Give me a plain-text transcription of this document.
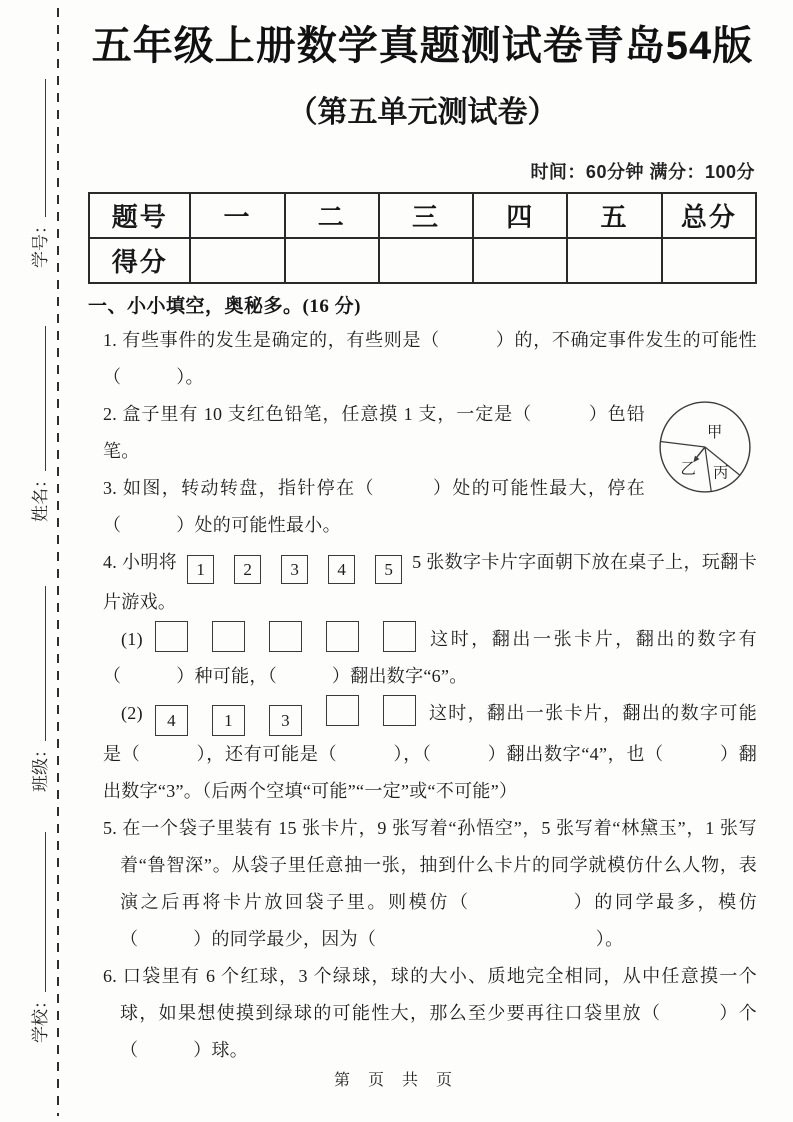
学号：
姓名：
班级：
学校：
五年级上册数学真题测试卷青岛54版
（第五单元测试卷）
时间：60分钟 满分：100分
题号	一	二	三	四	五	总分
得分						
一、小小填空，奥秘多。(16 分)

1. 有些事件的发生是确定的，有些则是（　　　）的，不确定事件发生的可能性（　　　）。

甲
乙 丙

2. 盒子里有 10 支红色铅笔，任意摸 1 支，一定是（　　　）色铅笔。

3. 如图，转动转盘，指针停在（　　　）处的可能性最大，停在（　　　）处的可能性最小。

4. 小明将 1 2 3 4 5 5 张数字卡片字面朝下放在桌子上，玩翻卡片游戏。

(1)	这时，翻出一张卡片，翻出的数字有（　　　）种可能，（　　　）翻出数字“6”。

(2) 4	1	3	这时，翻出一张卡片，翻出的数字可能是（　　　），还有可能是（　　　），（　　　）翻出数字“4”，也（　　　）翻出数字“3”。（后两个空填“可能”“一定”或“不可能”）

5. 在一个袋子里装有 15 张卡片，9 张写着“孙悟空”，5 张写着“林黛玉”，1 张写着“鲁智深”。从袋子里任意抽一张，抽到什么卡片的同学就模仿什么人物，表演之后再将卡片放回袋子里。则模仿（　　　　　）的同学最多，模仿（　　　）的同学最少，因为（　　　　　　　　　　　　）。

6. 口袋里有 6 个红球，3 个绿球，球的大小、质地完全相同，从中任意摸一个球，如果想使摸到绿球的可能性大，那么至少要再往口袋里放（　　　）个（　　　）球。

第 页 共 页
